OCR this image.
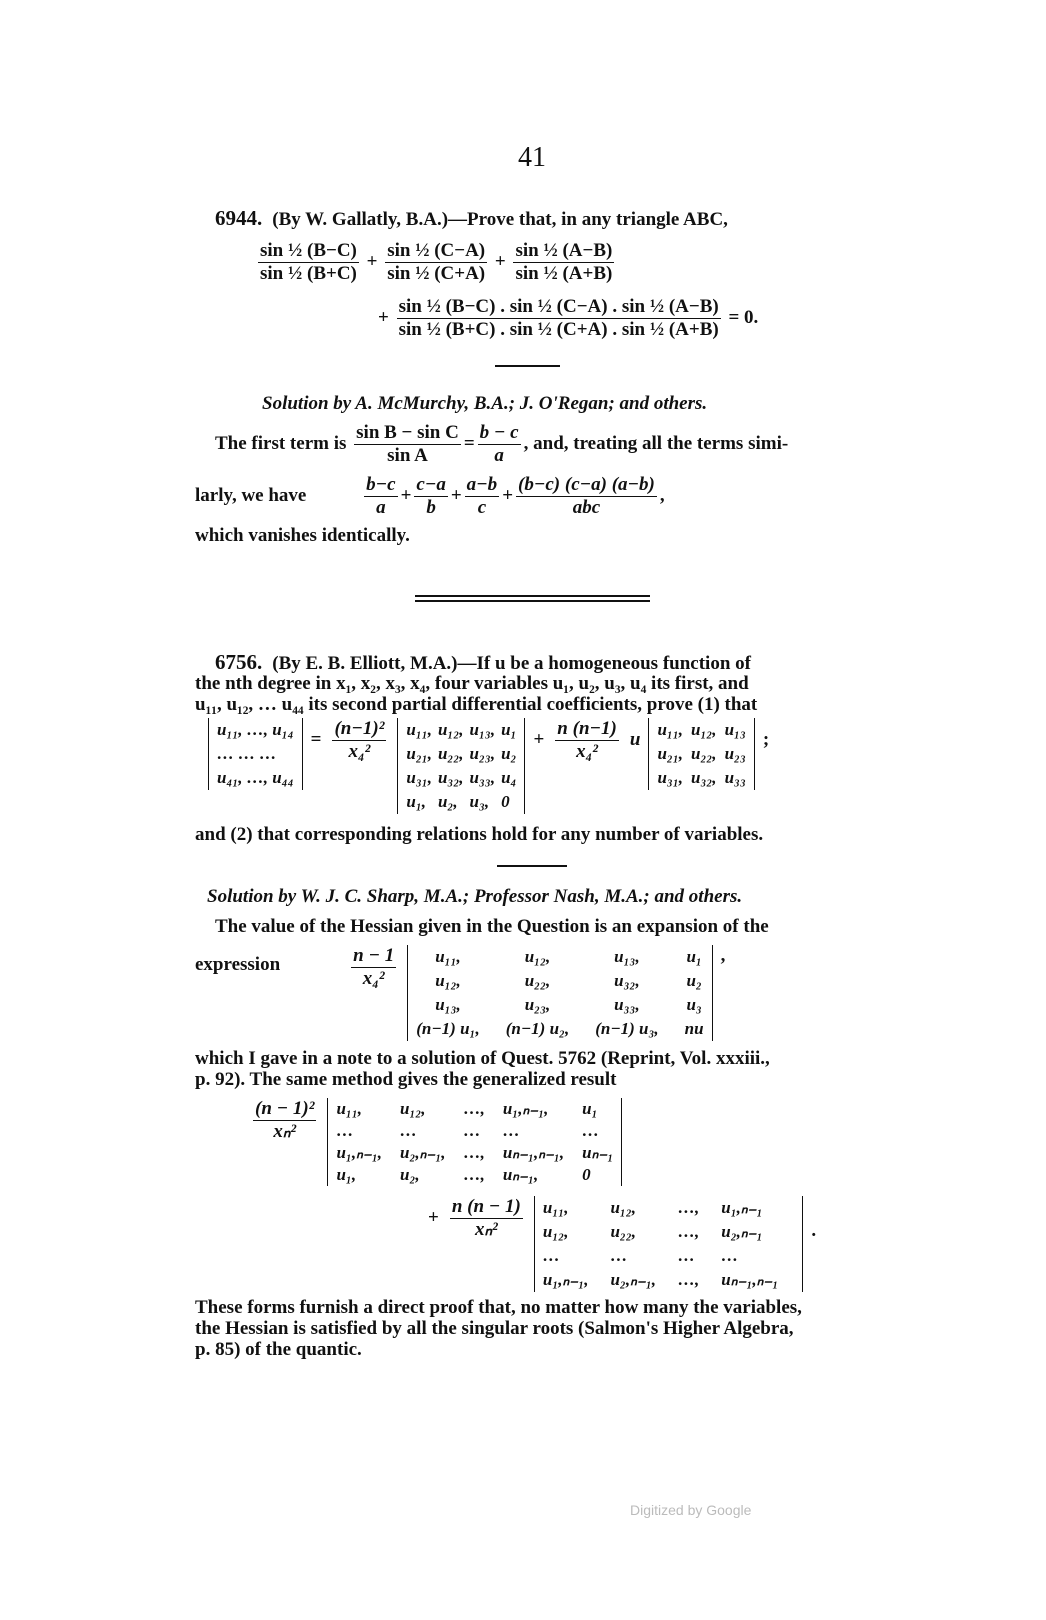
41
6944. (By W. Gallatly, B.A.)—Prove that, in any triangle ABC,
$\frac{\text{sin ½ (B−C)}}{\text{sin ½ (B+C)}} + \frac{\text{sin ½ (C−A)}}{\text{sin ½ (C+A)}} + \frac{\text{sin ½ (A−B)}}{\text{sin ½ (A+B)}}$
+ $\frac{\text{sin ½ (B−C) . sin ½ (C−A) . sin ½ (A−B)}}{\text{sin ½ (B+C) . sin ½ (C+A) . sin ½ (A+B)}} = 0$.
Solution by A. McMurchy, B.A.; J. O'Regan; and others.
The first term is $\frac{\text{sin B − sin C}}{\text{sin A}} = \frac{b - c}{a}$ , and, treating all the terms simi-
larly, we have	$\frac{b-c}{a} + \frac{c-a}{b} + \frac{a-b}{c} + \frac{(b-c) (c-a) (a-b)}{\text{abc}}$ ,
which vanishes identically.
6756. (By E. B. Elliott, M.A.)—If u be a homogeneous function of
the nth degree in x₁, x₂, x₃, x₄, four variables u₁, u₂, u₃, u₄ its first, and
u₁₁, u₁₂, … u₄₄ its second partial differential coefficients, prove (1) that
u₁₁, …, u₁₄
… … …
u₄₁, …, u₄₄
= $\frac{\text{(n−1)²}}{\text{x₄²}} u_{11}$, u₁₂, u₁₃, u₁
u₂₁, u₂₂, u₂₃, u₂
u₃₁, u₃₂, u₃₃, u₄
u₁, u₂, u₃, 0
+ $\frac{n (n-1)}{\text{x₄²}}$ u u₁₁, u₁₂, u₁₃
u₂₁, u₂₂, u₂₃
u₃₁, u₃₂, u₃₃
;
and (2) that corresponding relations hold for any number of variables.
Solution by W. J. C. Sharp, M.A.; Professor Nash, M.A.; and others.
The value of the Hessian given in the Question is an expansion of the
expression	$\frac{n - 1}{\text{x₄²}} u_{11}$,	u₁₂,	u₁₃,	u₁
u₁₂,	u₂₂,	u₃₂,	u₂
u₁₃,	u₂₃,	u₃₃,	u₃
(n−1) u₁, (n−1) u₂, (n−1) u₃, nu
,
which I gave in a note to a solution of Quest. 5762 (Reprint, Vol. xxxiii.,
p. 92). The same method gives the generalized result
$\frac{\text{(n − 1)²}}{\text{xₙ²}} u_{11}$,	u₁₂,	…, u₁,ₙ₋₁,	u₁
…	…	… …	…
u₁,ₙ₋₁, u₂,ₙ₋₁, …, uₙ₋₁,ₙ₋₁, uₙ₋₁
u₁,	u₂,	…, uₙ₋₁,	0
+ $\frac{n (n - 1)}{\text{xₙ²}} u_{11}$,	u₁₂,	…, u₁,ₙ₋₁
u₁₂,	u₂₂,	…, u₂,ₙ₋₁
…	…	… …
u₁,ₙ₋₁, u₂,ₙ₋₁, …, uₙ₋₁,ₙ₋₁
.
These forms furnish a direct proof that, no matter how many the variables,
the Hessian is satisfied by all the singular roots (Salmon's Higher Algebra,
p. 85) of the quantic.
Digitized by Google
